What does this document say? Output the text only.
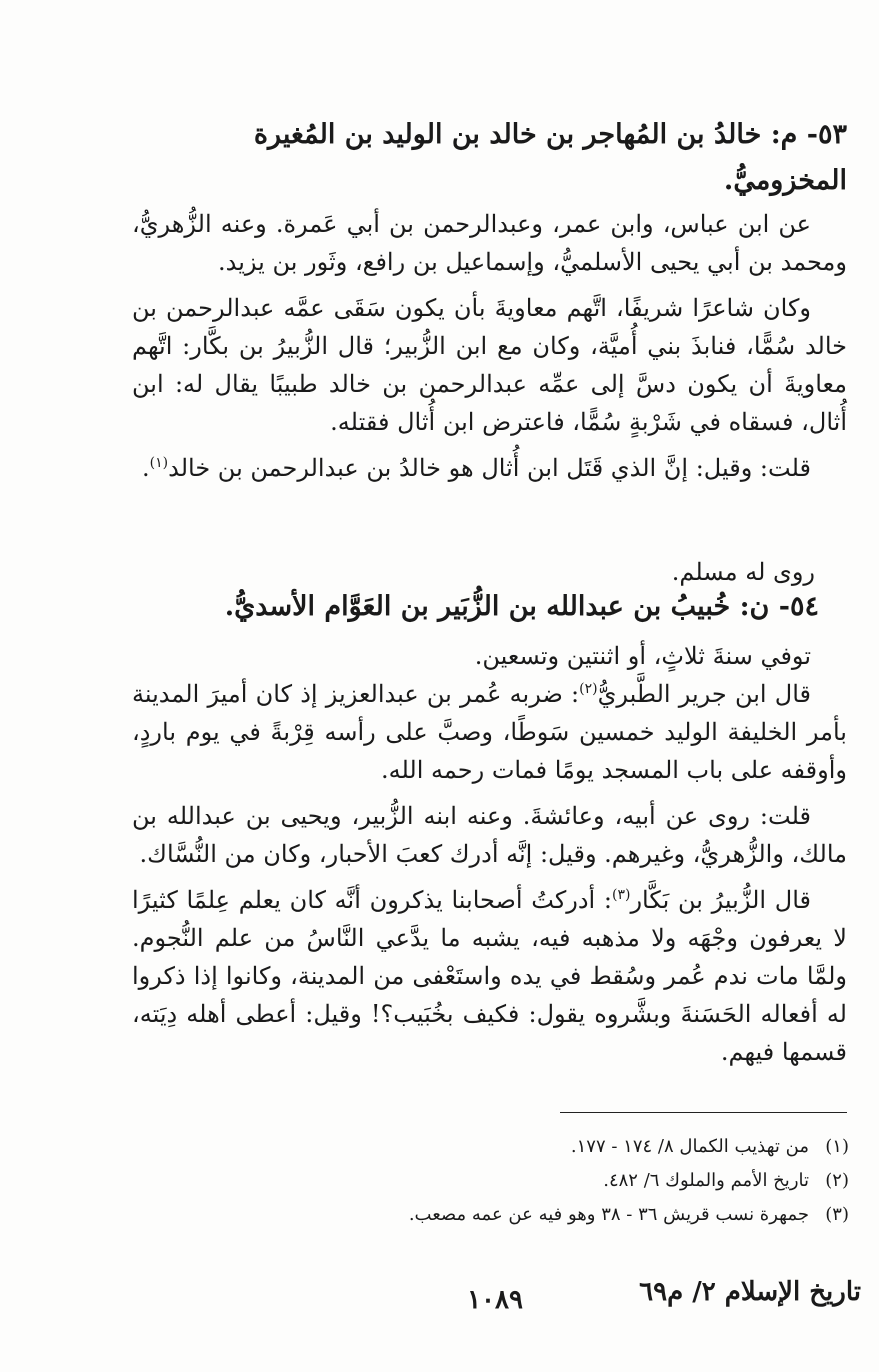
٥٣- م: خالدُ بن المُهاجر بن خالد بن الوليد بن المُغيرة
المخزوميُّ.

عن ابن عباس، وابن عمر، وعبدالرحمن بن أبي عَمرة. وعنه الزُّهريُّ، ومحمد بن أبي يحيى الأسلميُّ، وإسماعيل بن رافع، وثَور بن يزيد.

وكان شاعرًا شريفًا، اتَّهم معاويةَ بأن يكون سَقَى عمَّه عبدالرحمن بن خالد سُمًّا، فنابذَ بني أُميَّة، وكان مع ابن الزُّبير؛ قال الزُّبيرُ بن بكَّار: اتَّهم معاويةَ أن يكون دسَّ إلى عمِّه عبدالرحمن بن خالد طبيبًا يقال له: ابن أُثال، فسقاه في شَرْبةٍ سُمًّا، فاعترض ابن أُثال فقتله.

قلت: وقيل: إنَّ الذي قَتَل ابن أُثال هو خالدُ بن عبدالرحمن بن خالد$^{(١)}$.

روى له مسلم.
٥٤- ن: خُبيبُ بن عبدالله بن الزُّبَير بن العَوَّام الأسديُّ.

توفي سنةَ ثلاثٍ، أو اثنتين وتسعين.

قال ابن جرير الطَّبريُّ$^{(٢)}$: ضربه عُمر بن عبدالعزيز إذ كان أميرَ المدينة بأمر الخليفة الوليد خمسين سَوطًا، وصبَّ على رأسه قِرْبةً في يوم باردٍ، وأوقفه على باب المسجد يومًا فمات رحمه الله.

قلت: روى عن أبيه، وعائشةَ. وعنه ابنه الزُّبير، ويحيى بن عبدالله بن مالك، والزُّهريُّ، وغيرهم. وقيل: إنَّه أدرك كعبَ الأحبار، وكان من النُّسَّاك.

قال الزُّبيرُ بن بَكَّار$^{(٣)}$: أدركتُ أصحابنا يذكرون أنَّه كان يعلم عِلمًا كثيرًا لا يعرفون وجْهَه ولا مذهبه فيه، يشبه ما يدَّعي النَّاسُ من علم النُّجوم. ولمَّا مات ندم عُمر وسُقط في يده واستَعْفى من المدينة، وكانوا إذا ذكروا له أفعاله الحَسَنةَ وبشَّروه يقول: فكيف بخُبَيب؟! وقيل: أعطى أهله دِيَته، قسمها فيهم.

(١)من تهذيب الكمال ٨/ ١٧٤ - ١٧٧.
(٢)تاريخ الأمم والملوك ٦/ ٤٨٢.
(٣)جمهرة نسب قريش ٣٦ - ٣٨ وهو فيه عن عمه مصعب.
تاريخ الإسلام ٢/ م٦٩
١٠٨٩
